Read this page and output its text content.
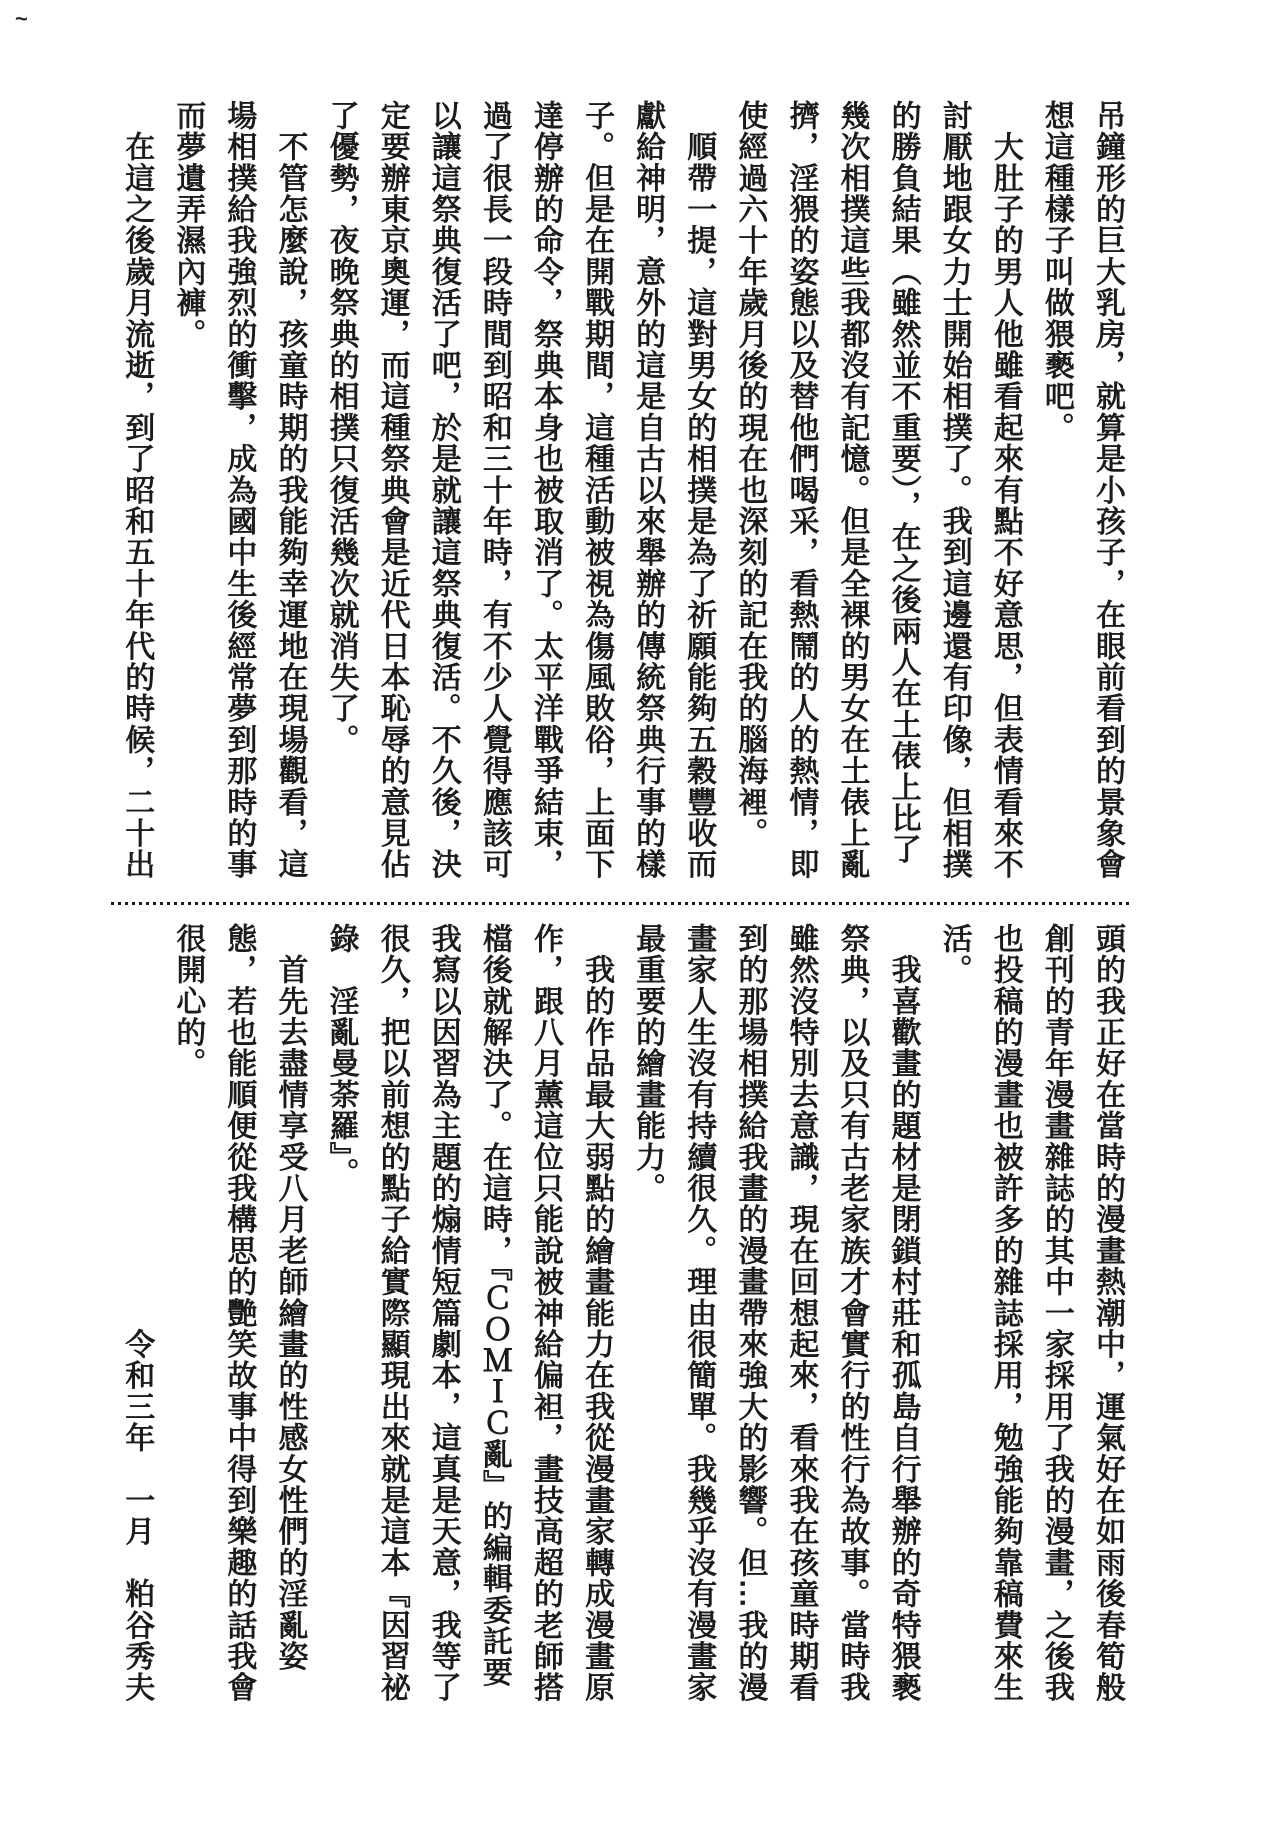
~
吊鐘形的巨大乳房，就算是小孩子，在眼前看到的景象會
想這種樣子叫做猥褻吧。
　大肚子的男人他雖看起來有點不好意思，但表情看來不
討厭地跟女力士開始相撲了。我到這邊還有印像，但相撲
的勝負結果（雖然並不重要），在之後兩人在土俵上比了
幾次相撲這些我都沒有記憶。但是全裸的男女在土俵上亂
擠，淫猥的姿態以及替他們喝采，看熱鬧的人的熱情，即
使經過六十年歲月後的現在也深刻的記在我的腦海裡。
　順帶一提，這對男女的相撲是為了祈願能夠五穀豐收而
獻給神明，意外的這是自古以來舉辦的傳統祭典行事的樣
子。但是在開戰期間，這種活動被視為傷風敗俗，上面下
達停辦的命令，祭典本身也被取消了。太平洋戰爭結束，
過了很長一段時間到昭和三十年時，有不少人覺得應該可
以讓這祭典復活了吧，於是就讓這祭典復活。不久後，決
定要辦東京奧運，而這種祭典會是近代日本恥辱的意見佔
了優勢，夜晚祭典的相撲只復活幾次就消失了。
　不管怎麼說，孩童時期的我能夠幸運地在現場觀看，這
場相撲給我強烈的衝擊，成為國中生後經常夢到那時的事
而夢遺弄濕內褲。
　在這之後歲月流逝，到了昭和五十年代的時候，二十出
頭的我正好在當時的漫畫熱潮中，運氣好在如雨後春筍般
創刊的青年漫畫雜誌的其中一家採用了我的漫畫，之後我
也投稿的漫畫也被許多的雜誌採用，勉強能夠靠稿費來生
活。
　我喜歡畫的題材是閉鎖村莊和孤島自行舉辦的奇特猥褻
祭典，以及只有古老家族才會實行的性行為故事。當時我
雖然沒特別去意識，現在回想起來，看來我在孩童時期看
到的那場相撲給我畫的漫畫帶來強大的影響。但…我的漫
畫家人生沒有持續很久。理由很簡單。我幾乎沒有漫畫家
最重要的繪畫能力。
　我的作品最大弱點的繪畫能力在我從漫畫家轉成漫畫原
作，跟八月薰這位只能說被神給偏袒，畫技高超的老師搭
檔後就解決了。在這時，『ＣＯＭＩＣ亂』的編輯委託要
我寫以因習為主題的煽情短篇劇本，這真是天意，我等了
很久，把以前想的點子給實際顯現出來就是這本『因習祕
錄　淫亂曼荼羅』。
　首先去盡情享受八月老師繪畫的性感女性們的淫亂姿
態，若也能順便從我構思的艷笑故事中得到樂趣的話我會
很開心的。
　　　　　　　　　　　　　令和三年　一月　粕谷秀夫
